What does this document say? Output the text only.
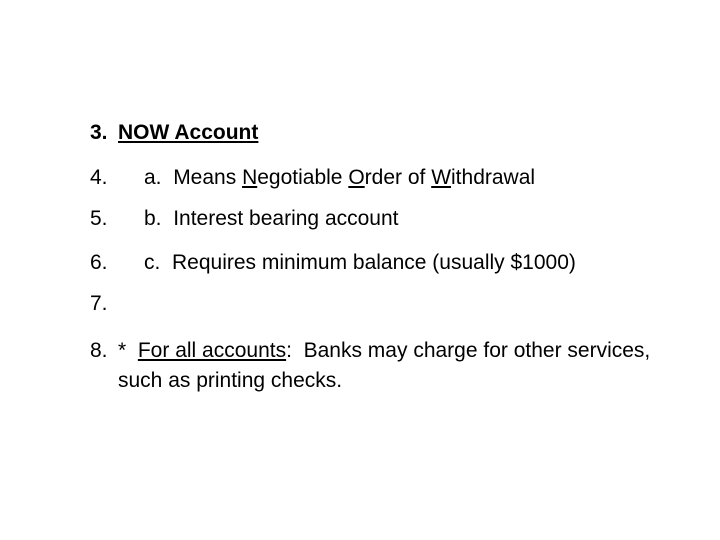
3. NOW Account
4. a. Means Negotiable Order of Withdrawal
5. b. Interest bearing account
6. c. Requires minimum balance (usually $1000)
7.
8. * For all accounts: Banks may charge for other services, such as printing checks.
